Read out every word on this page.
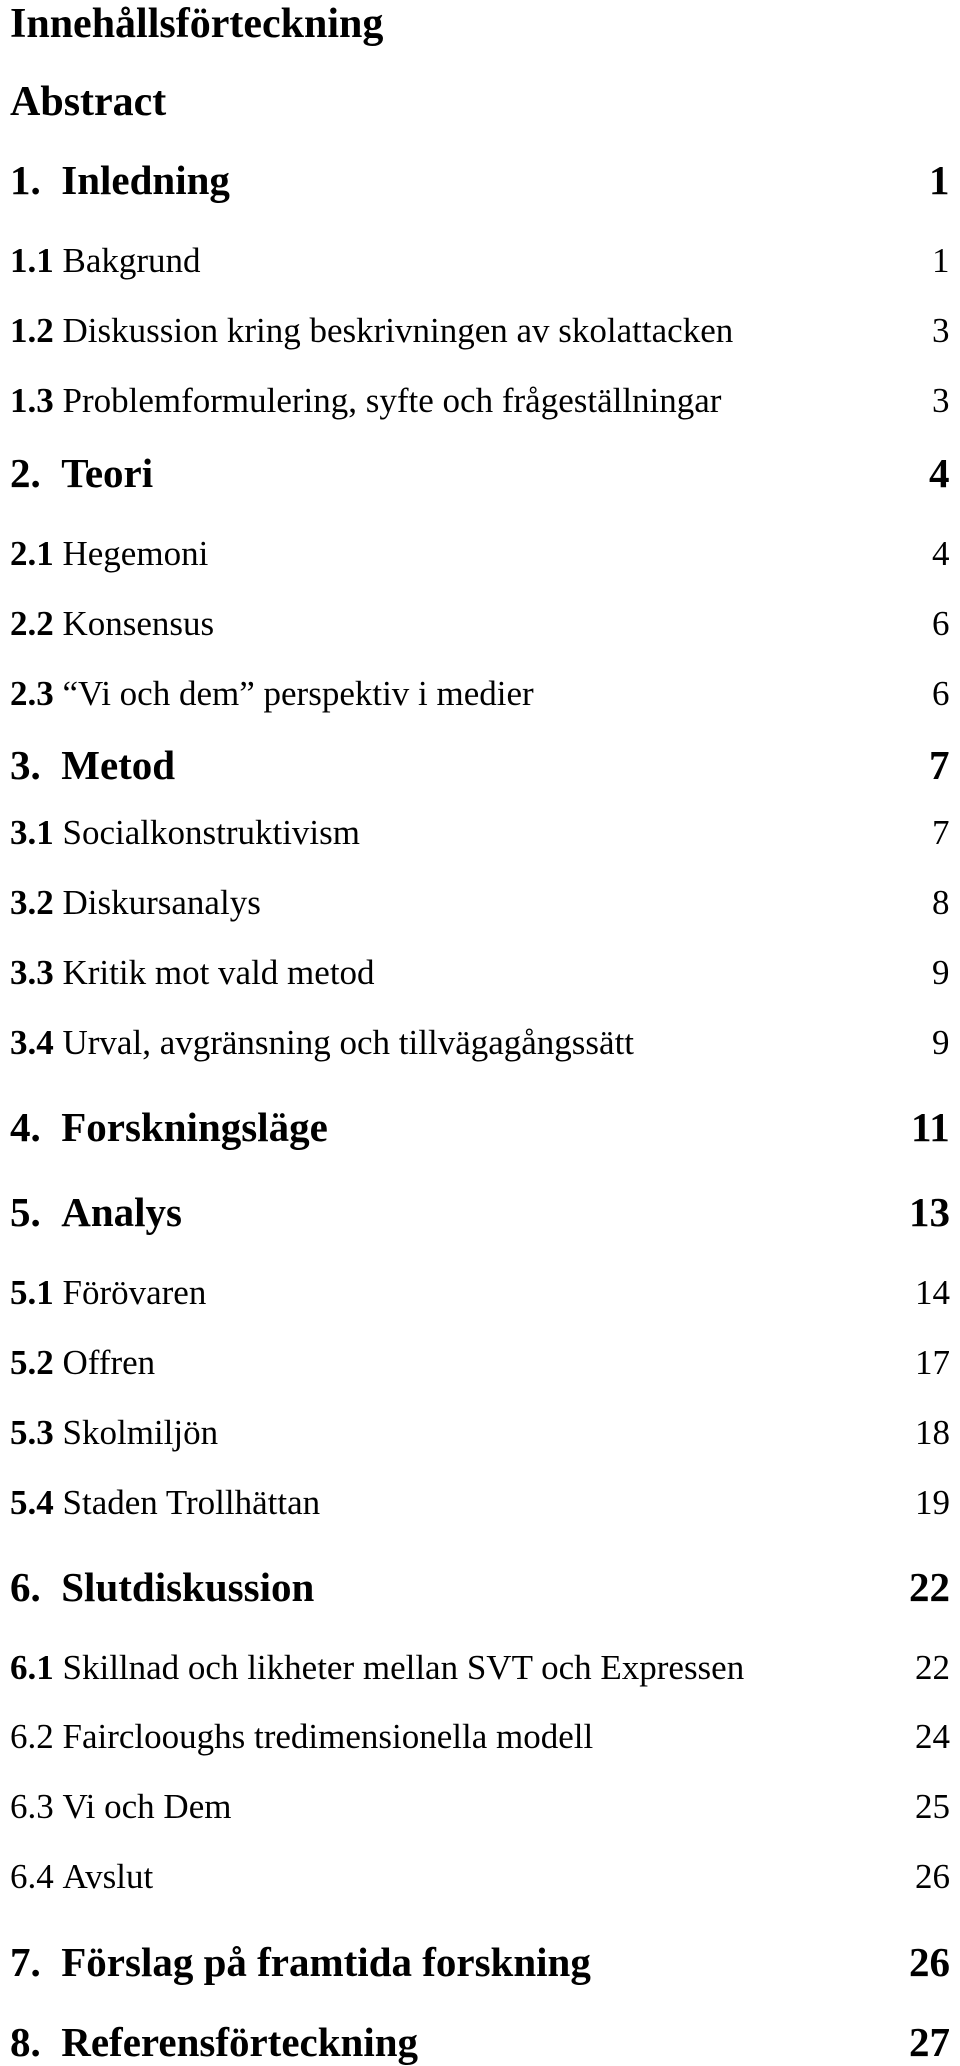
Innehållsförteckning
Abstract
1. Inledning	1
1.1 Bakgrund	1
1.2 Diskussion kring beskrivningen av skolattacken	3
1.3 Problemformulering, syfte och frågeställningar	3
2. Teori	4
2.1 Hegemoni	4
2.2 Konsensus	6
2.3 “Vi och dem” perspektiv i medier	6
3. Metod	7
3.1 Socialkonstruktivism	7
3.2 Diskursanalys	8
3.3 Kritik mot vald metod	9
3.4 Urval, avgränsning och tillvägagångssätt	9
4. Forskningsläge	11
5. Analys	13
5.1 Förövaren	14
5.2 Offren	17
5.3 Skolmiljön	18
5.4 Staden Trollhättan	19
6. Slutdiskussion	22
6.1 Skillnad och likheter mellan SVT och Expressen	22
6.2 Fairclooughs tredimensionella modell	24
6.3 Vi och Dem	25
6.4 Avslut	26
7. Förslag på framtida forskning	26
8. Referensförteckning	27
